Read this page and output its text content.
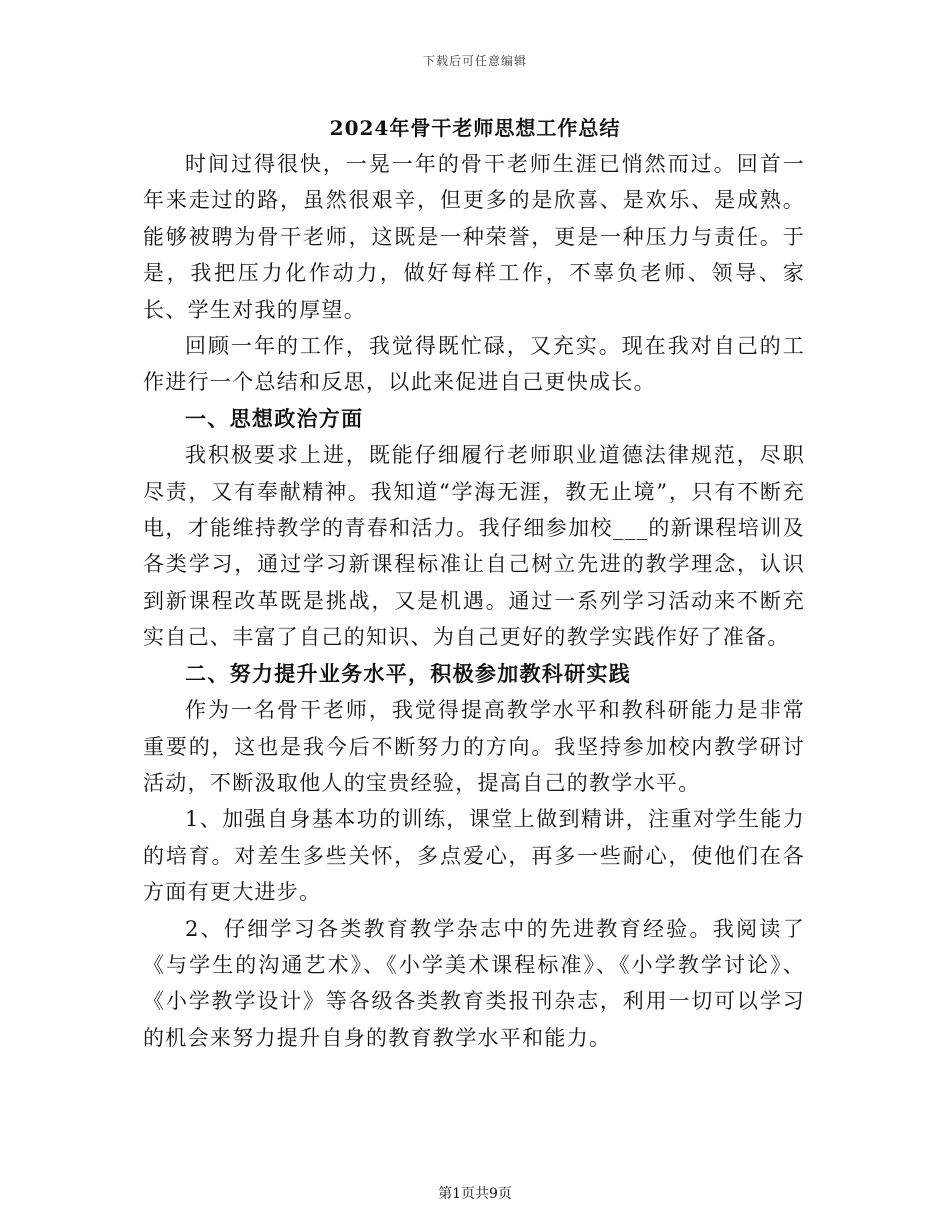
下载后可任意编辑
2024年骨干老师思想工作总结

时间过得很快，一晃一年的骨干老师生涯已悄然而过。回首一年来走过的路，虽然很艰辛，但更多的是欣喜、是欢乐、是成熟。能够被聘为骨干老师，这既是一种荣誉，更是一种压力与责任。于是，我把压力化作动力，做好每样工作，不辜负老师、领导、家长、学生对我的厚望。

回顾一年的工作，我觉得既忙碌，又充实。现在我对自己的工作进行一个总结和反思，以此来促进自己更快成长。

一、思想政治方面

我积极要求上进，既能仔细履行老师职业道德法律规范，尽职尽责，又有奉献精神。我知道“学海无涯，教无止境”，只有不断充电，才能维持教学的青春和活力。我仔细参加校___的新课程培训及各类学习，通过学习新课程标准让自己树立先进的教学理念，认识到新课程改革既是挑战，又是机遇。通过一系列学习活动来不断充实自己、丰富了自己的知识、为自己更好的教学实践作好了准备。

二、努力提升业务水平，积极参加教科研实践

作为一名骨干老师，我觉得提高教学水平和教科研能力是非常重要的，这也是我今后不断努力的方向。我坚持参加校内教学研讨活动，不断汲取他人的宝贵经验，提高自己的教学水平。

1、加强自身基本功的训练，课堂上做到精讲，注重对学生能力的培育。对差生多些关怀，多点爱心，再多一些耐心，使他们在各方面有更大进步。

2、仔细学习各类教育教学杂志中的先进教育经验。我阅读了《与学生的沟通艺术》、《小学美术课程标准》、《小学教学讨论》、《小学教学设计》等各级各类教育类报刊杂志，利用一切可以学习的机会来努力提升自身的教育教学水平和能力。

第1页共9页
